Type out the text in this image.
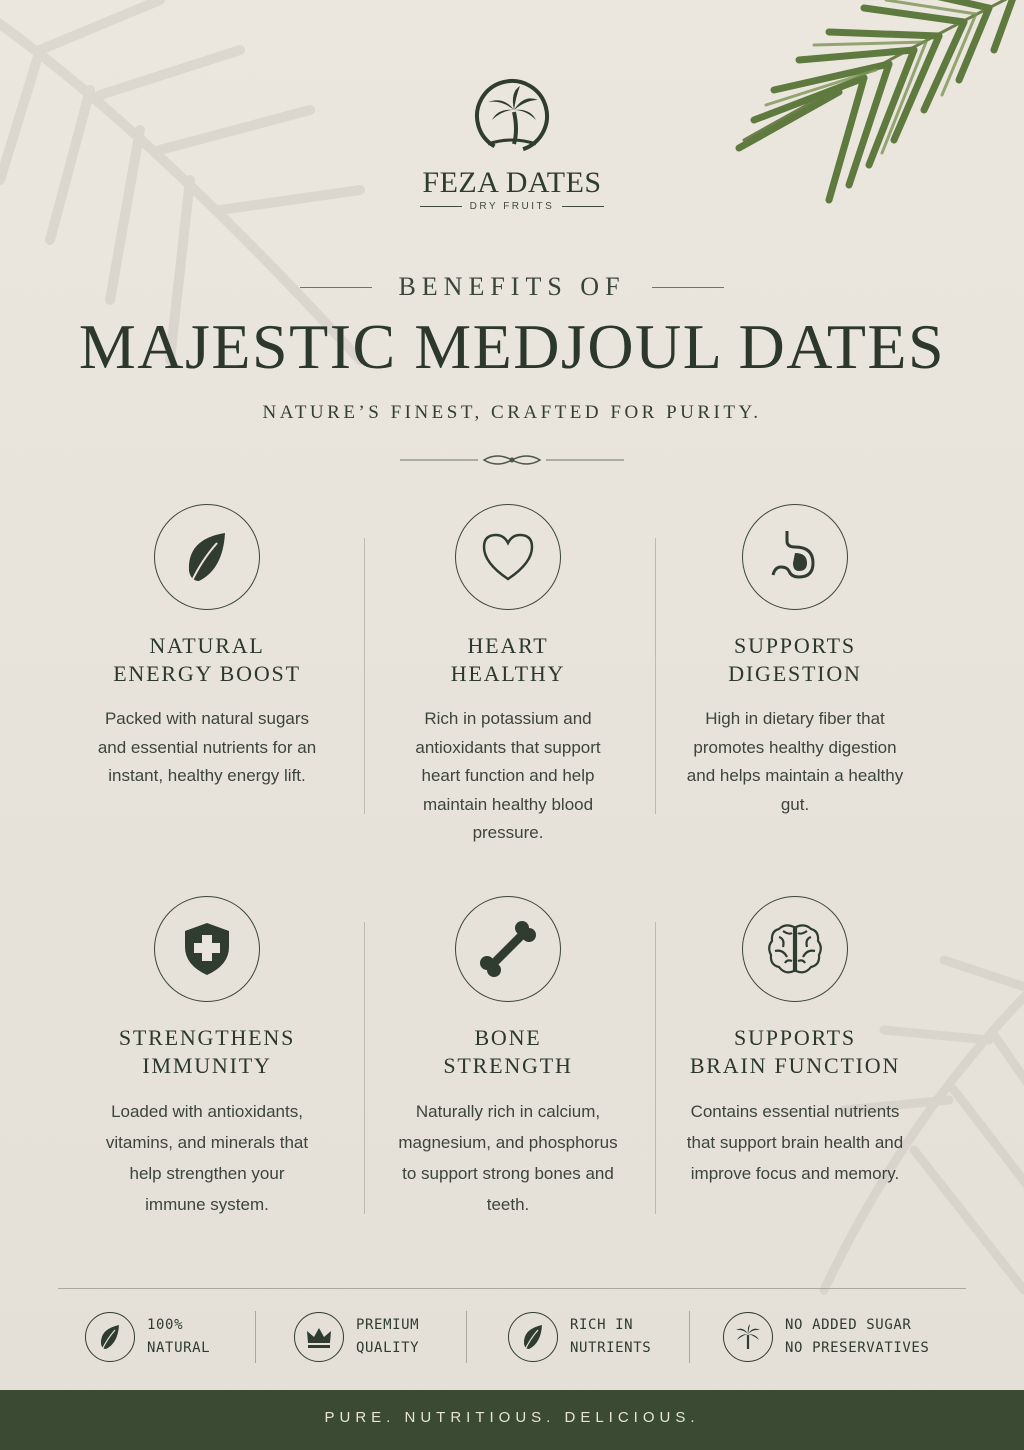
FEZA DATES
DRY FRUITS
BENEFITS OF
MAJESTIC MEDJOUL DATES
NATURE’S FINEST, CRAFTED FOR PURITY.
NATURAL
ENERGY BOOST
Packed with natural sugars and essential nutrients for an instant, healthy energy lift.
HEART
HEALTHY
Rich in potassium and antioxidants that support heart function and help maintain healthy blood pressure.
SUPPORTS
DIGESTION
High in dietary fiber that promotes healthy digestion and helps maintain a healthy gut.
STRENGTHENS
IMMUNITY
Loaded with antioxidants, vitamins, and minerals that help strengthen your immune system.
BONE
STRENGTH
Naturally rich in calcium, magnesium, and phosphorus to support strong bones and teeth.
SUPPORTS
BRAIN FUNCTION
Contains essential nutrients that support brain health and improve focus and memory.
100%
NATURAL
PREMIUM
QUALITY
RICH IN
NUTRIENTS
NO ADDED SUGAR
NO PRESERVATIVES
PURE. NUTRITIOUS. DELICIOUS.
